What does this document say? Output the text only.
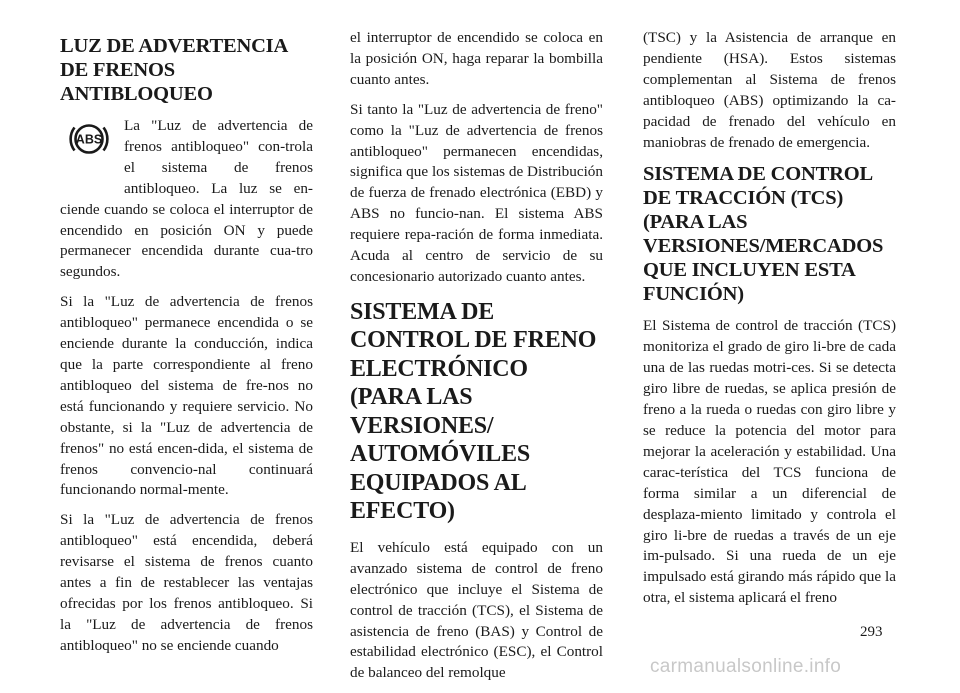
LUZ DE ADVERTENCIA DE FRENOS ANTIBLOQUEO
ABS

La "Luz de advertencia de frenos antibloqueo" con-trola el sistema de frenos antibloqueo. La luz se en-ciende cuando se coloca el interruptor de encendido en posición ON y puede permanecer encendida durante cua-tro segundos.

Si la "Luz de advertencia de frenos antibloqueo" permanece encendida o se enciende durante la conducción, indica que la parte correspondiente al freno antibloqueo del sistema de fre-nos no está funcionando y requiere servicio. No obstante, si la "Luz de advertencia de frenos" no está encen-dida, el sistema de frenos convencio-nal continuará funcionando normal-mente.

Si la "Luz de advertencia de frenos antibloqueo" está encendida, deberá revisarse el sistema de frenos cuanto antes a fin de restablecer las ventajas ofrecidas por los frenos antibloqueo. Si la "Luz de advertencia de frenos antibloqueo" no se enciende cuando

el interruptor de encendido se coloca en la posición ON, haga reparar la bombilla cuanto antes.

Si tanto la "Luz de advertencia de freno" como la "Luz de advertencia de frenos antibloqueo" permanecen encendidas, significa que los sistemas de Distribución de fuerza de frenado electrónica (EBD) y ABS no funcio-nan. El sistema ABS requiere repa-ración de forma inmediata. Acuda al centro de servicio de su concesionario autorizado cuanto antes.

SISTEMA DE CONTROL DE FRENO ELECTRÓNICO (PARA LAS VERSIONES/ AUTOMÓVILES EQUIPADOS AL EFECTO)

El vehículo está equipado con un avanzado sistema de control de freno electrónico que incluye el Sistema de control de tracción (TCS), el Sistema de asistencia de freno (BAS) y Control de estabilidad electrónico (ESC), el Control de balanceo del remolque

(TSC) y la Asistencia de arranque en pendiente (HSA). Estos sistemas complementan al Sistema de frenos antibloqueo (ABS) optimizando la ca-pacidad de frenado del vehículo en maniobras de frenado de emergencia.

SISTEMA DE CONTROL DE TRACCIÓN (TCS) (PARA LAS VERSIONES/MERCADOS QUE INCLUYEN ESTA FUNCIÓN)

El Sistema de control de tracción (TCS) monitoriza el grado de giro li-bre de cada una de las ruedas motri-ces. Si se detecta giro libre de ruedas, se aplica presión de freno a la rueda o ruedas con giro libre y se reduce la potencia del motor para mejorar la aceleración y estabilidad. Una carac-terística del TCS funciona de forma similar a un diferencial de desplaza-miento limitado y controla el giro li-bre de ruedas a través de un eje im-pulsado. Si una rueda de un eje impulsado está girando más rápido que la otra, el sistema aplicará el freno

293
carmanualsonline.info
